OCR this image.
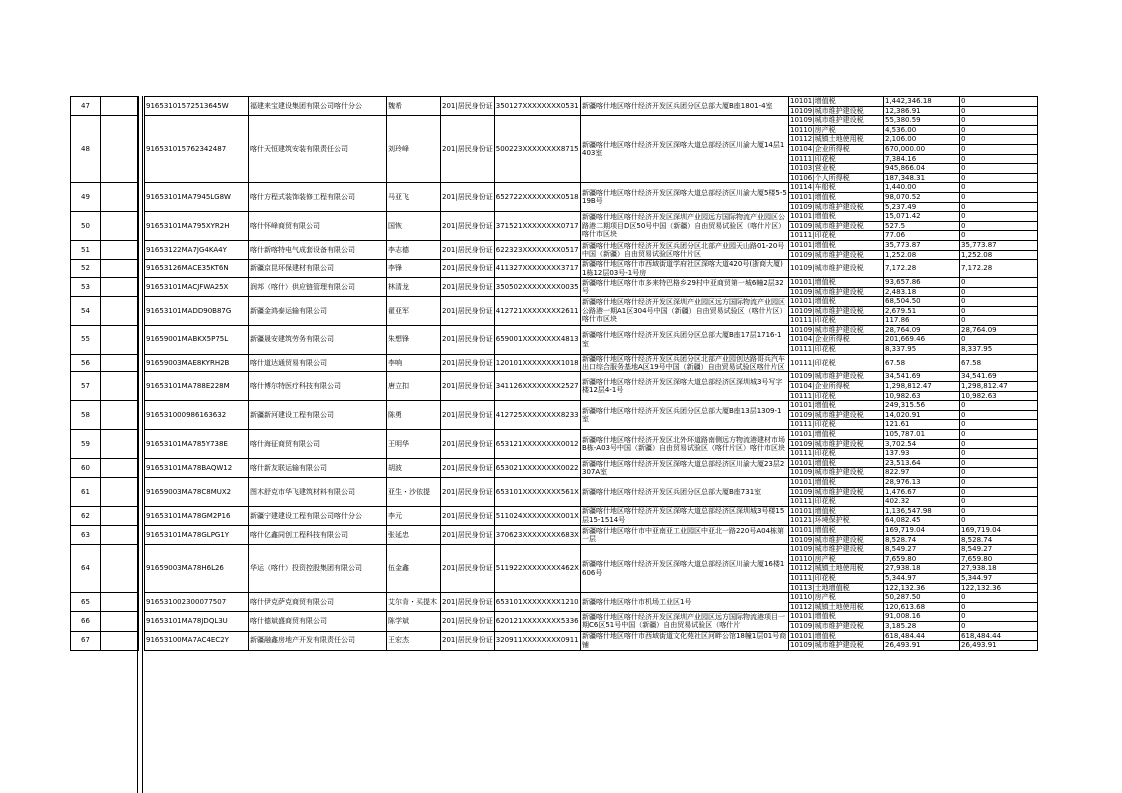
47			91653101572513645W	福建来宝建设集团有限公司喀什分公	魏希	201|居民身份证	350127XXXXXXXX0531	新疆喀什地区喀什经济开发区兵团分区总部大厦B座1801-4室	10101|增值税	1,442,346.18	0
									10109|城市维护建设税	12,386.91	0
48			916531015762342487	喀什天恒建筑安装有限责任公司	刘玲峰	201|居民身份证	500223XXXXXXXX8715	新疆喀什地区喀什经济开发区深喀大道总部经济区川渝大厦14层1403室	10109|城市维护建设税	55,380.59	0
									10110|房产税	4,536.00	0
									10112|城镇土地使用税	2,106.00	0
									10104|企业所得税	670,000.00	0
									10111|印花税	7,384.16	0
									10103|营业税	945,866.04	0
									10106|个人所得税	187,348.31	0
49			91653101MA7945LG8W	喀什方程式装饰装修工程有限公司	马亚飞	201|居民身份证	652722XXXXXXXX0518	新疆喀什地区喀什经济开发区深喀大道总部经济区川渝大厦5楼5-519B号	10114|车船税	1,440.00	0
									10101|增值税	98,070.52	0
									10109|城市维护建设税	5,237.49	0
50			91653101MA795XYR2H	喀什怀峰商贸有限公司	国恢	201|居民身份证	371521XXXXXXXX0717	新疆喀什地区喀什经济开发区深圳产业园远方国际物流产业园区公路港二期项目D区50号中国（新疆）自由贸易试验区（喀什片区）喀什市区块	10101|增值税	15,071.42	0
									10109|城市维护建设税	527.5	0
									10111|印花税	77.06	0
51			91653122MA7JG4KA4Y	喀什新喀特电气成套设备有限公司	李志德	201|居民身份证	622323XXXXXXXX0517	新疆喀什地区喀什经济开发区兵团分区北部产业园天山路01-20号中国（新疆）自由贸易试验区喀什片区	10101|增值税	35,773.87	35,773.87
									10109|城市维护建设税	1,252.08	1,252.08
52			91653126MACE35KT6N	新疆京昆环保建材有限公司	李锋	201|居民身份证	411327XXXXXXXX3717	新疆喀什地区喀什市西域街道学府社区深喀大道420号(浙商大厦)1栋12层03号-1号房	10109|城市维护建设税	7,172.28	7,172.28
53			91653101MACJFWA25X	润邦（喀什）供应链管理有限公司	林清龙	201|居民身份证	350502XXXXXXXX0035	新疆喀什地区喀什市多来特巴格乡29村中亚商贸第一城6幢2层32号	10101|增值税	93,657.86	0
									10109|城市维护建设税	2,483.18	0
54			91653101MADD90B87G	新疆金鸿泰运输有限公司	翟亚军	201|居民身份证	412721XXXXXXXX2611	新疆喀什地区喀什经济开发区深圳产业园区远方国际物流产业园区公路港一期A1区304号中国（新疆）自由贸易试验区（喀什片区）喀什市区块	10101|增值税	68,504.50	0
									10109|城市维护建设税	2,679.51	0
									10111|印花税	117.86	0
55			91659001MABKX5P75L	新疆晟安建筑劳务有限公司	朱想锋	201|居民身份证	659001XXXXXXXX4813	新疆喀什地区喀什经济开发区兵团分区总部大厦B座17层1716-1室	10109|城市维护建设税	28,764.09	28,764.09
									10104|企业所得税	201,669.46	0
									10111|印花税	8,337.95	8,337.95
56			91659003MAE8KYRH2B	喀什道达通贸易有限公司	李响	201|居民身份证	120101XXXXXXXX1018	新疆喀什地区喀什经济开发区兵团分区北部产业园创达路哥兵汽车出口综合服务基地A区19号中国（新疆）自由贸易试验区喀什片区	10111|印花税	67.58	67.58
57			91653101MA788E228M	喀什博尔特医疗科技有限公司	唐立扣	201|居民身份证	341126XXXXXXXX2527	新疆喀什地区喀什经济开发区深喀大道总部经济区深圳城3号写字楼12层4-1号	10109|城市维护建设税	34,541.69	34,541.69
									10104|企业所得税	1,298,812.47	1,298,812.47
									10111|印花税	10,982.63	10,982.63
58			916531000986163632	新疆新河建设工程有限公司	陈勇	201|居民身份证	412725XXXXXXXX8233	新疆喀什地区喀什经济开发区兵团分区总部大厦B座13层1309-1室	10101|增值税	249,315.56	0
									10109|城市维护建设税	14,020.91	0
									10111|印花税	121.61	0
59			91653101MA785Y738E	喀什海征商贸有限公司	王明华	201|居民身份证	653121XXXXXXXX0012	新疆喀什地区喀什经济开发区北外环道路南侧远方物流港建材市场B栋-A03号中国（新疆）自由贸易试验区（喀什片区）喀什市区块	10101|增值税	105,787.01	0
									10109|城市维护建设税	3,702.54	0
									10111|印花税	137.93	0
60			91653101MA78BAQW12	喀什新友联运输有限公司	胡波	201|居民身份证	653021XXXXXXXX0022	新疆喀什地区喀什经济开发区深喀大道总部经济区川渝大厦23层2307A室	10101|增值税	23,513.64	0
									10109|城市维护建设税	822.97	0
61			91659003MA78C8MUX2	图木舒克市华飞建筑材料有限公司	亚生・沙依提	201|居民身份证	653101XXXXXXXX561X	新疆喀什地区喀什经济开发区兵团分区总部大厦B座731室	10101|增值税	28,976.13	0
									10109|城市维护建设税	1,476.67	0
									10111|印花税	402.32	0
62			91653101MA78GM2P16	新疆宁建建设工程有限公司喀什分公	李元	201|居民身份证	511024XXXXXXXX001X	新疆喀什地区喀什经济开发区深喀大道总部经济区深圳城3号楼15层15-1514号	10101|增值税	1,136,547.98	0
									10121|环境保护税	64,082.45	0
63			91653101MA78GLPG1Y	喀什亿鑫同创工程科技有限公司	张延忠	201|居民身份证	370623XXXXXXXX683X	新疆喀什地区喀什市中亚南亚工业园区中亚北一路220号A04栋第一层	10101|增值税	169,719.04	169,719.04
									10109|城市维护建设税	8,528.74	8,528.74
64			91659003MA78H6L26	华运（喀什）投资控股集团有限公司	伍金鑫	201|居民身份证	511922XXXXXXXX462X	新疆喀什地区喀什经济开发区深喀大道总部经济区川渝大厦16楼1606号	10109|城市维护建设税	8,549.27	8,549.27
									10110|房产税	7,659.80	7,659.80
									10112|城镇土地使用税	27,938.18	27,938.18
									10111|印花税	5,344.97	5,344.97
									10113|土地增值税	122,132.36	122,132.36
65			916531002300077507	喀什伊克萨克商贸有限公司	艾尔肯・买提木	201|居民身份证	653101XXXXXXXX1210	新疆喀什地区喀什市机场工业区1号	10110|房产税	50,287.50	0
									10112|城镇土地使用税	120,613.68	0
66			91653101MA78JDQL3U	喀什德斌盛商贸有限公司	陈学斌	201|居民身份证	620121XXXXXXXX5336	新疆喀什地区喀什经济开发区深圳产业园区远方国际物流港项目一期C6区51号中国（新疆）自由贸易试验区（喀什片	10101|增值税	91,008.16	0
									10109|城市维护建设税	3,185.28	0
67			91653100MA7AC4EC2Y	新疆融鑫房地产开发有限责任公司	王宏杰	201|居民身份证	320911XXXXXXXX0911	新疆喀什地区喀什市西域街道文化苑社区河畔公馆18幢1层01号商铺	10101|增值税	618,484.44	618,484.44
									10109|城市维护建设税	26,493.91	26,493.91
